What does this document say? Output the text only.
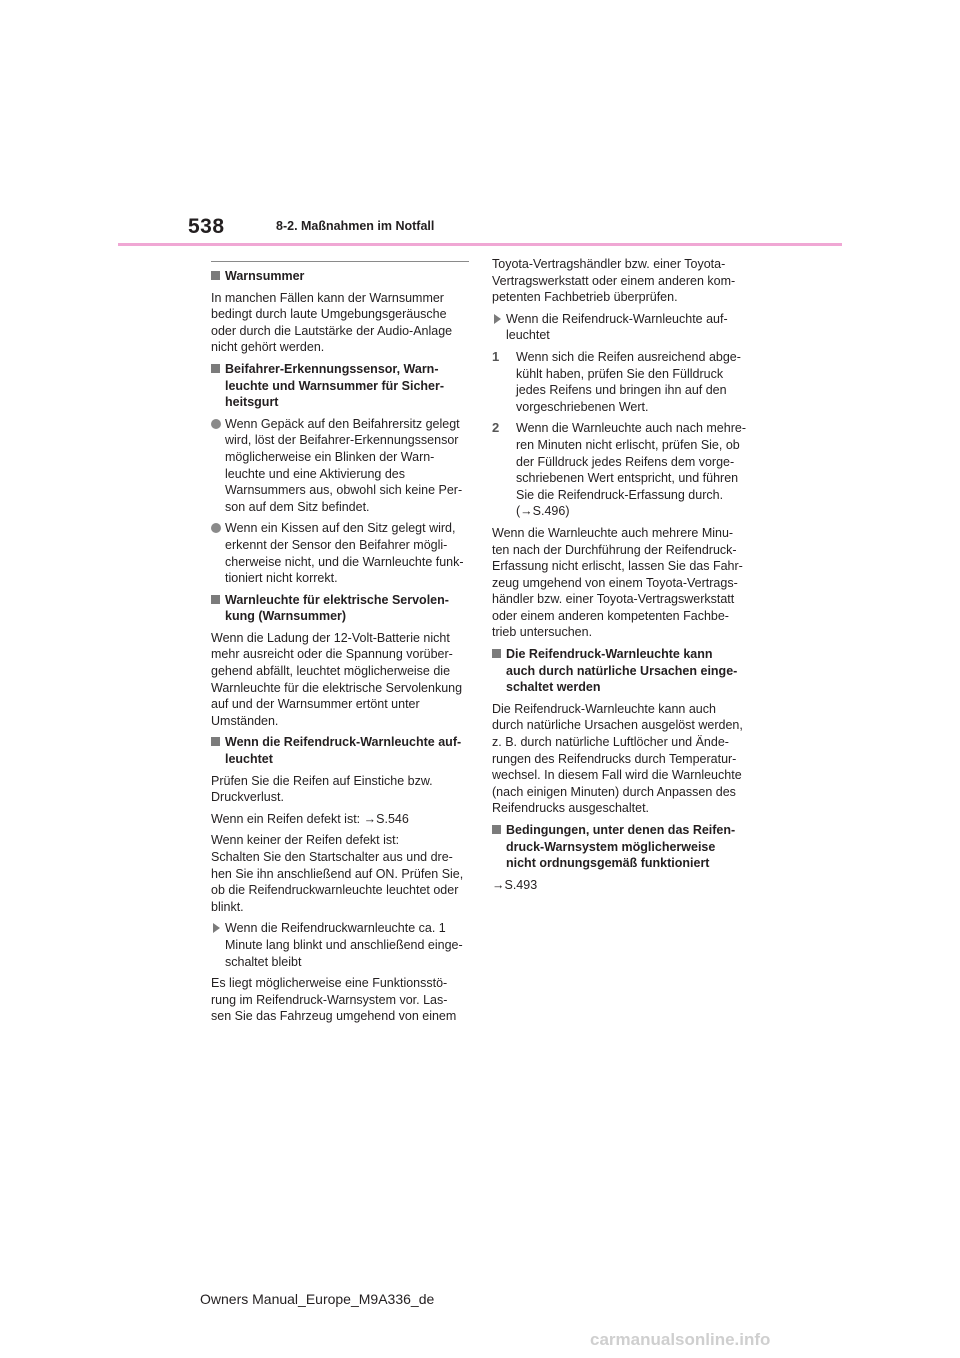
538	8-2. Maßnahmen im Notfall
Warnsummer
In manchen Fällen kann der Warnsummer
bedingt durch laute Umgebungsgeräusche
oder durch die Lautstärke der Audio-Anlage
nicht gehört werden.
Beifahrer-Erkennungssensor, Warn-
leuchte und Warnsummer für Sicher-
heitsgurt
Wenn Gepäck auf den Beifahrersitz gelegt
wird, löst der Beifahrer-Erkennungssensor
möglicherweise ein Blinken der Warn-
leuchte und eine Aktivierung des
Warnsummers aus, obwohl sich keine Per-
son auf dem Sitz befindet.
Wenn ein Kissen auf den Sitz gelegt wird,
erkennt der Sensor den Beifahrer mögli-
cherweise nicht, und die Warnleuchte funk-
tioniert nicht korrekt.
Warnleuchte für elektrische Servolen-
kung (Warnsummer)
Wenn die Ladung der 12-Volt-Batterie nicht
mehr ausreicht oder die Spannung vorüber-
gehend abfällt, leuchtet möglicherweise die
Warnleuchte für die elektrische Servolenkung
auf und der Warnsummer ertönt unter
Umständen.
Wenn die Reifendruck-Warnleuchte auf-
leuchtet
Prüfen Sie die Reifen auf Einstiche bzw.
Druckverlust.
Wenn ein Reifen defekt ist: →S.546
Wenn keiner der Reifen defekt ist:
Schalten Sie den Startschalter aus und dre-
hen Sie ihn anschließend auf ON. Prüfen Sie,
ob die Reifendruckwarnleuchte leuchtet oder
blinkt.
Wenn die Reifendruckwarnleuchte ca. 1
Minute lang blinkt und anschließend einge-
schaltet bleibt
Es liegt möglicherweise eine Funktionsstö-
rung im Reifendruck-Warnsystem vor. Las-
sen Sie das Fahrzeug umgehend von einem
Toyota-Vertragshändler bzw. einer Toyota-
Vertragswerkstatt oder einem anderen kom-
petenten Fachbetrieb überprüfen.
Wenn die Reifendruck-Warnleuchte auf-
leuchtet
1 Wenn sich die Reifen ausreichend abge-
kühlt haben, prüfen Sie den Fülldruck
jedes Reifens und bringen ihn auf den
vorgeschriebenen Wert.
2 Wenn die Warnleuchte auch nach mehre-
ren Minuten nicht erlischt, prüfen Sie, ob
der Fülldruck jedes Reifens dem vorge-
schriebenen Wert entspricht, und führen
Sie die Reifendruck-Erfassung durch.
(→S.496)
Wenn die Warnleuchte auch mehrere Minu-
ten nach der Durchführung der Reifendruck-
Erfassung nicht erlischt, lassen Sie das Fahr-
zeug umgehend von einem Toyota-Vertrags-
händler bzw. einer Toyota-Vertragswerkstatt
oder einem anderen kompetenten Fachbe-
trieb untersuchen.
Die Reifendruck-Warnleuchte kann
auch durch natürliche Ursachen einge-
schaltet werden
Die Reifendruck-Warnleuchte kann auch
durch natürliche Ursachen ausgelöst werden,
z. B. durch natürliche Luftlöcher und Ände-
rungen des Reifendrucks durch Temperatur-
wechsel. In diesem Fall wird die Warnleuchte
(nach einigen Minuten) durch Anpassen des
Reifendrucks ausgeschaltet.
Bedingungen, unter denen das Reifen-
druck-Warnsystem möglicherweise
nicht ordnungsgemäß funktioniert
→S.493
Owners Manual_Europe_M9A336_de
carmanualsonline.info
